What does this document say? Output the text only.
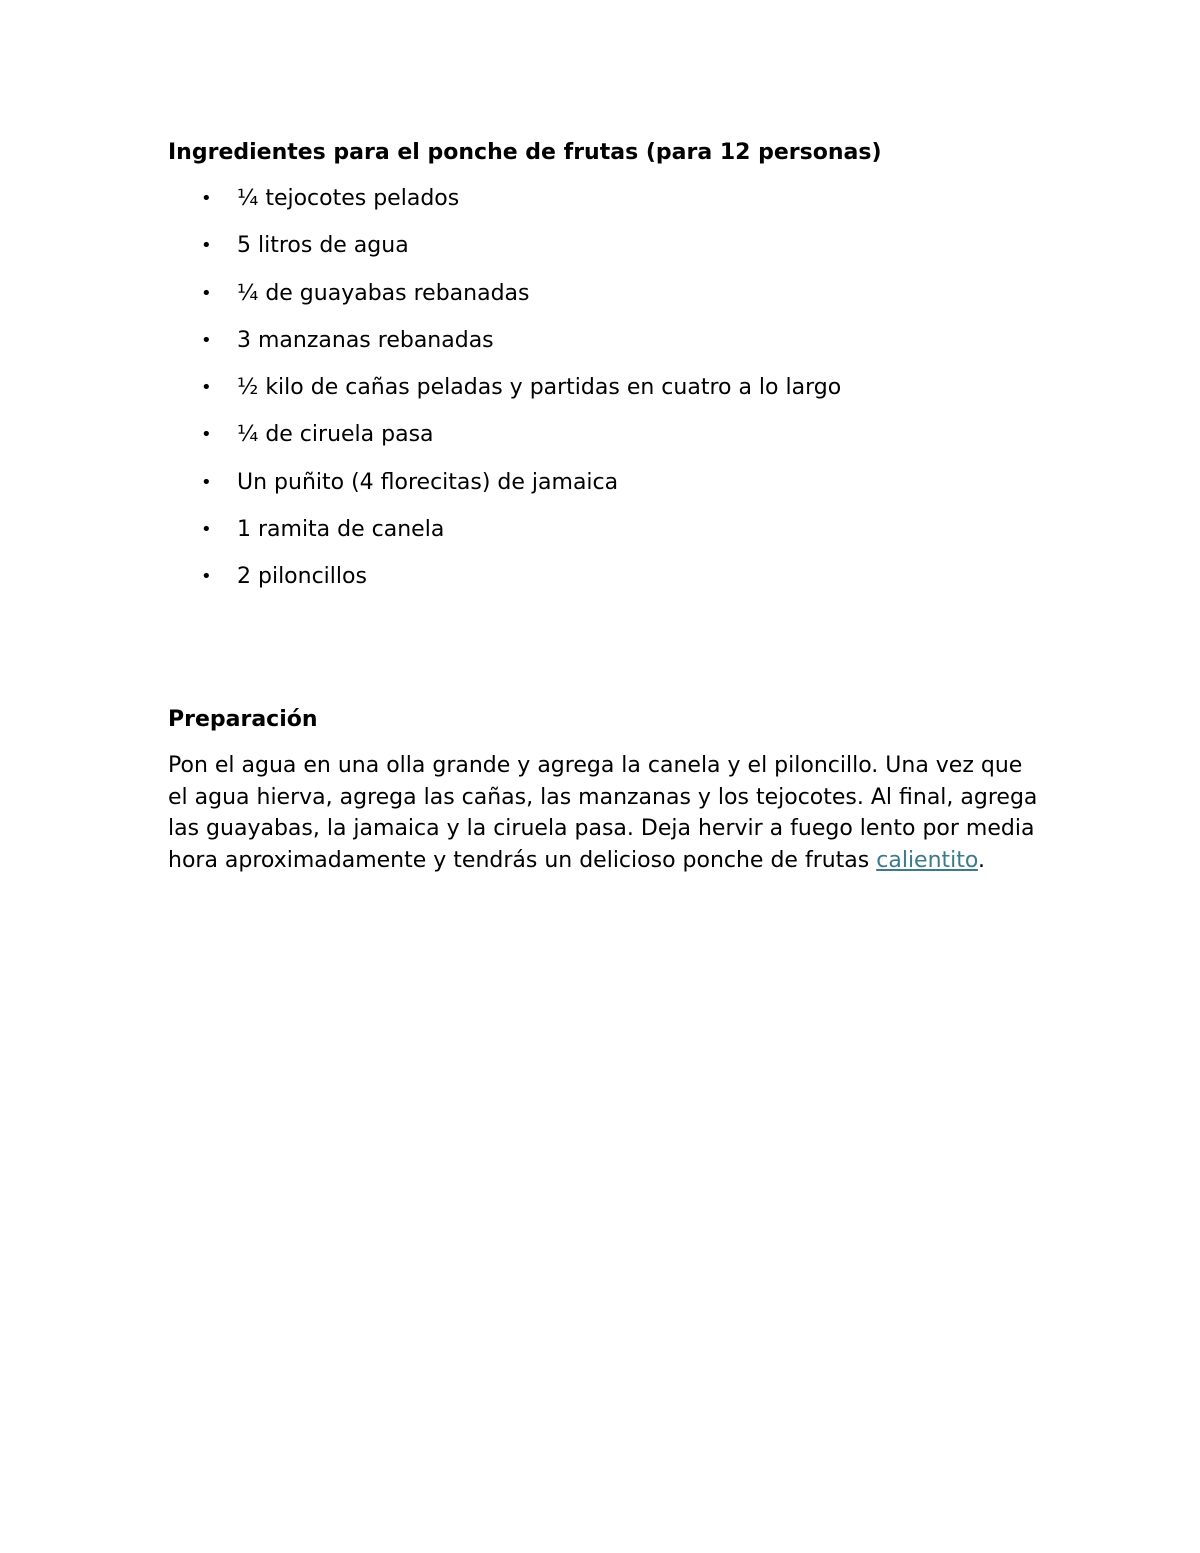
Ingredientes para el ponche de frutas (para 12 personas)
• ¼ tejocotes pelados
• 5 litros de agua
• ¼ de guayabas rebanadas
• 3 manzanas rebanadas
• ½ kilo de cañas peladas y partidas en cuatro a lo largo
• ¼ de ciruela pasa
• Un puñito (4 florecitas) de jamaica
• 1 ramita de canela
• 2 piloncillos
Preparación

Pon el agua en una olla grande y agrega la canela y el piloncillo. Una vez que el agua hierva, agrega las cañas, las manzanas y los tejocotes. Al final, agrega las guayabas, la jamaica y la ciruela pasa. Deja hervir a fuego lento por media hora aproximadamente y tendrás un delicioso ponche de frutas calientito.
